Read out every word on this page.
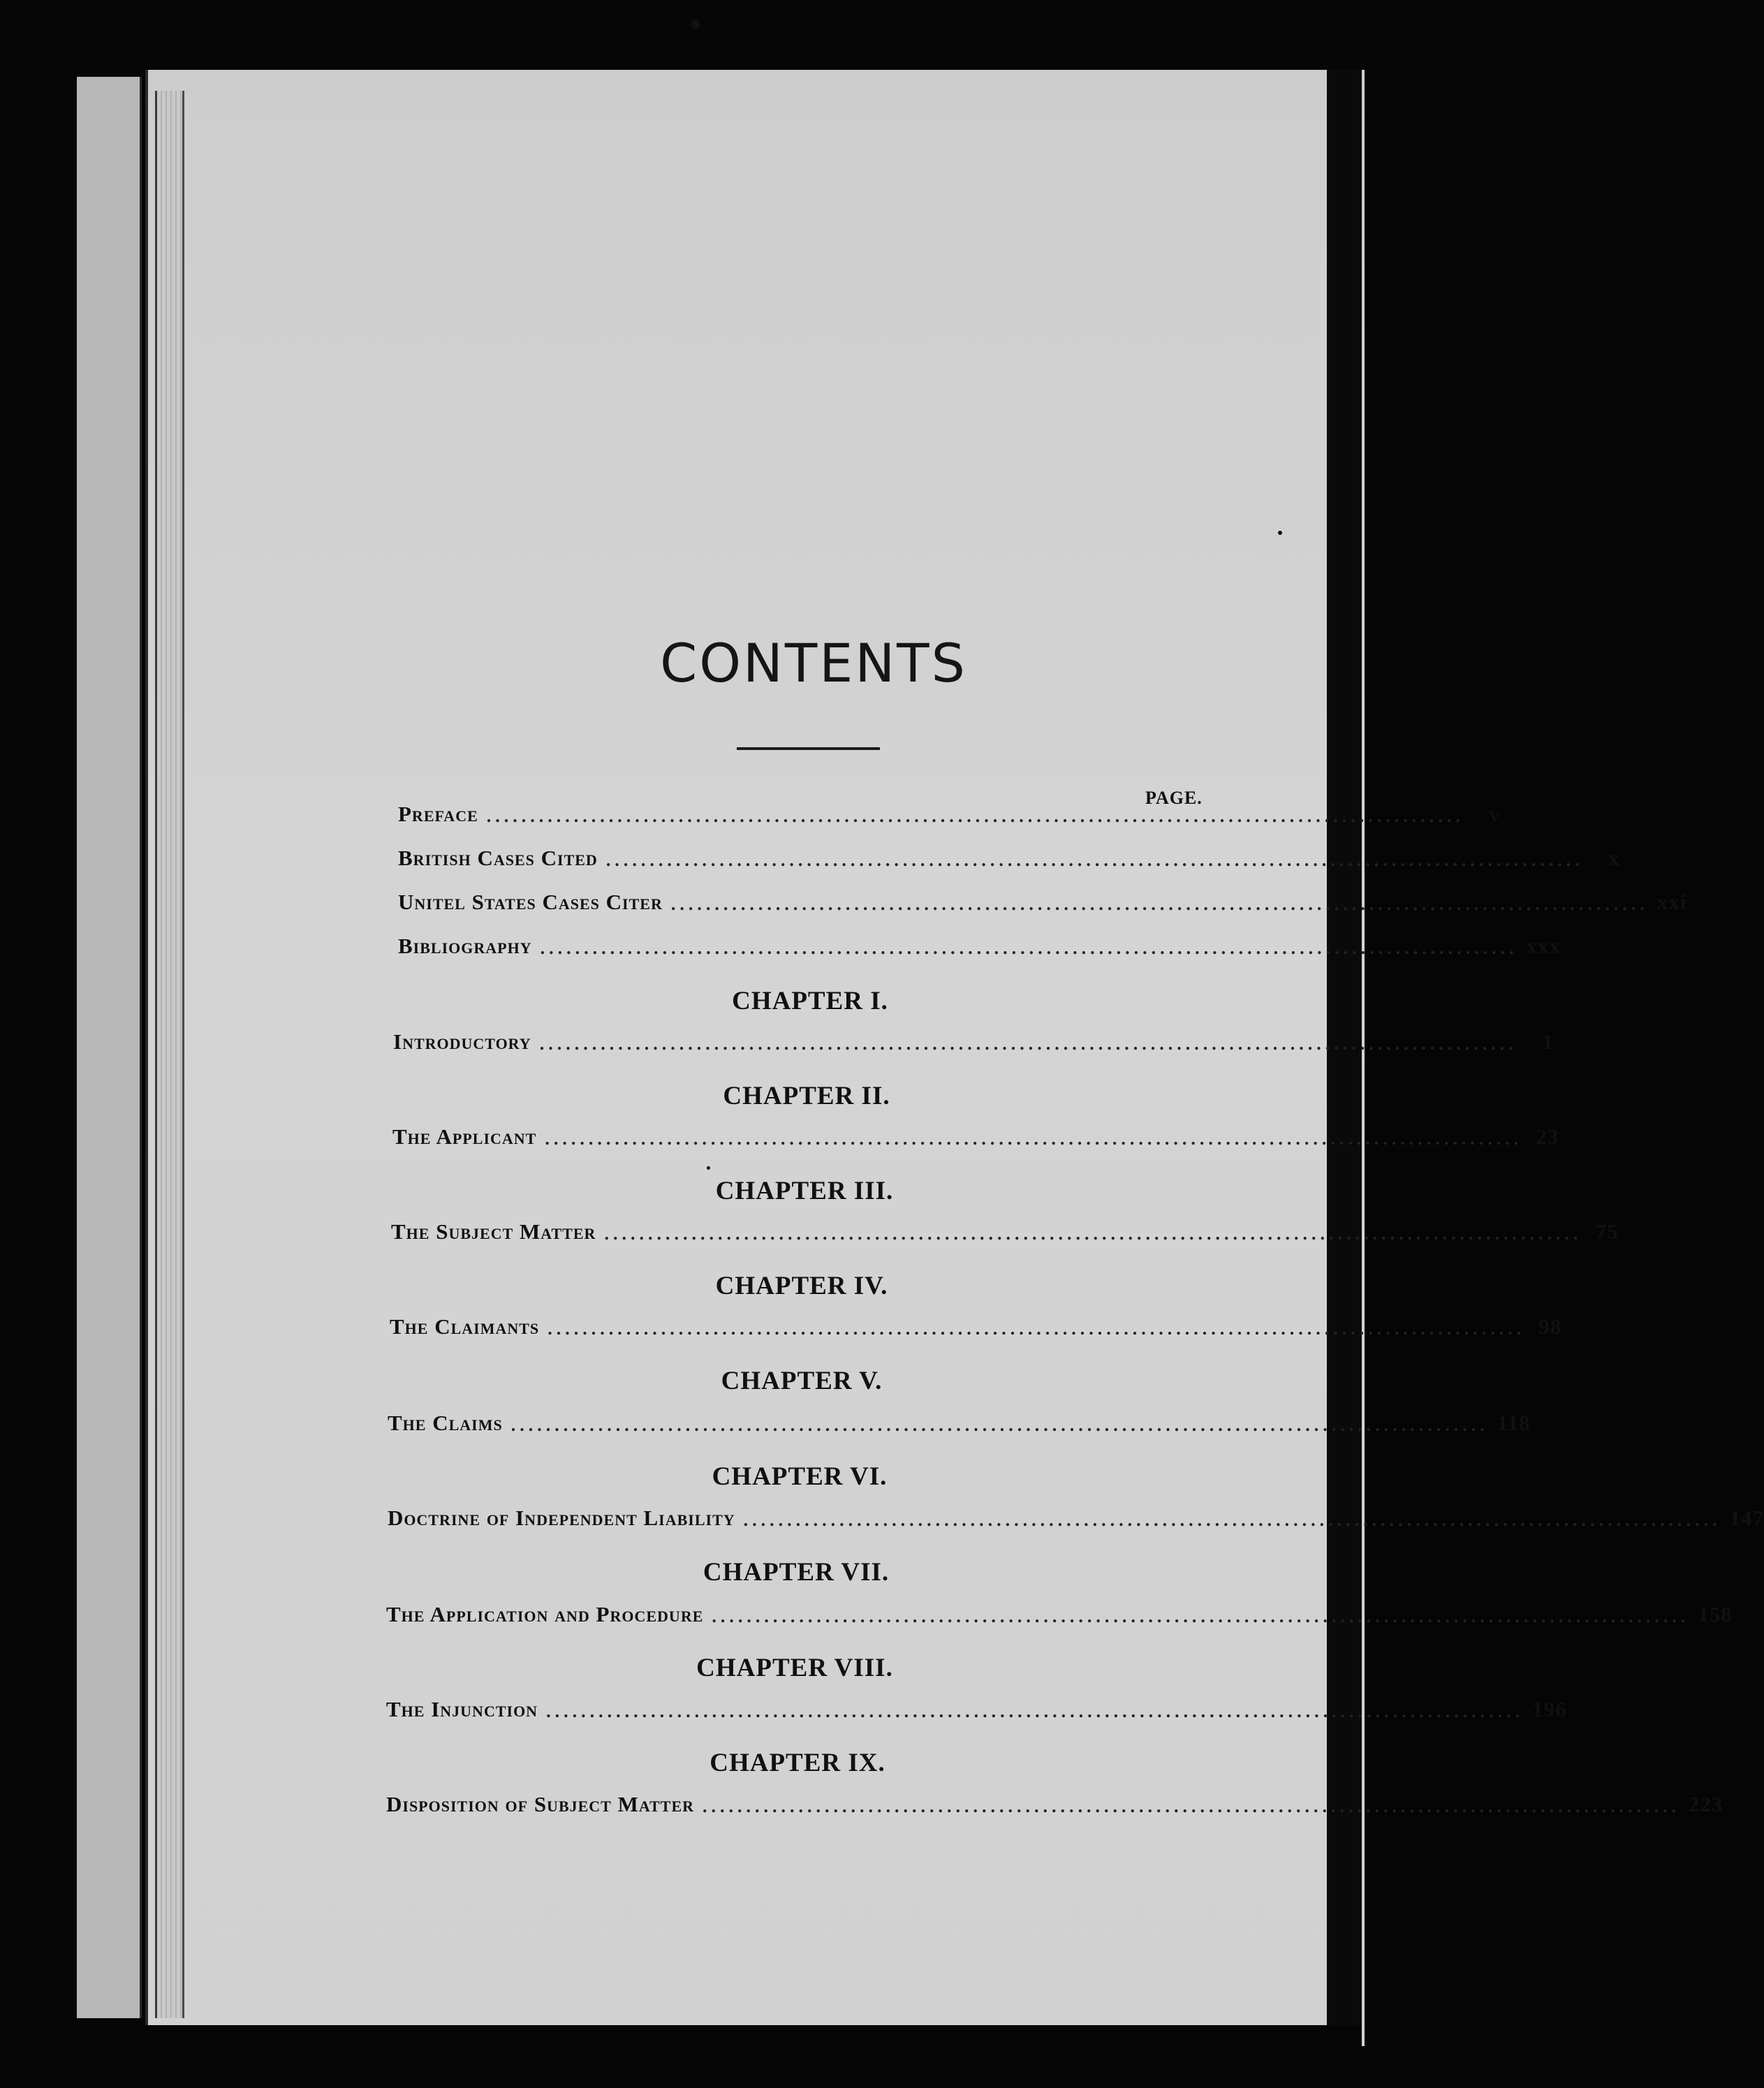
CONTENTS
PAGE.
Preface ................................................................................................................	v
British Cases Cited ................................................................................................................	x
Unitel States Cases Citer ................................................................................................................ xxi
Bibliography ................................................................................................................ xxx
CHAPTER I.
Introductory ................................................................................................................	1
CHAPTER II.
The Applicant ................................................................................................................ 23
CHAPTER III.
The Subject Matter ................................................................................................................ 75
CHAPTER IV.
The Claimants ................................................................................................................ 98
CHAPTER V.
The Claims ................................................................................................................ 118
CHAPTER VI.
Doctrine of Independent Liability ................................................................................................................ 147
CHAPTER VII.
The Application and Procedure ................................................................................................................ 158
CHAPTER VIII.
The Injunction ................................................................................................................ 196
CHAPTER IX.
Disposition of Subject Matter ................................................................................................................ 223
